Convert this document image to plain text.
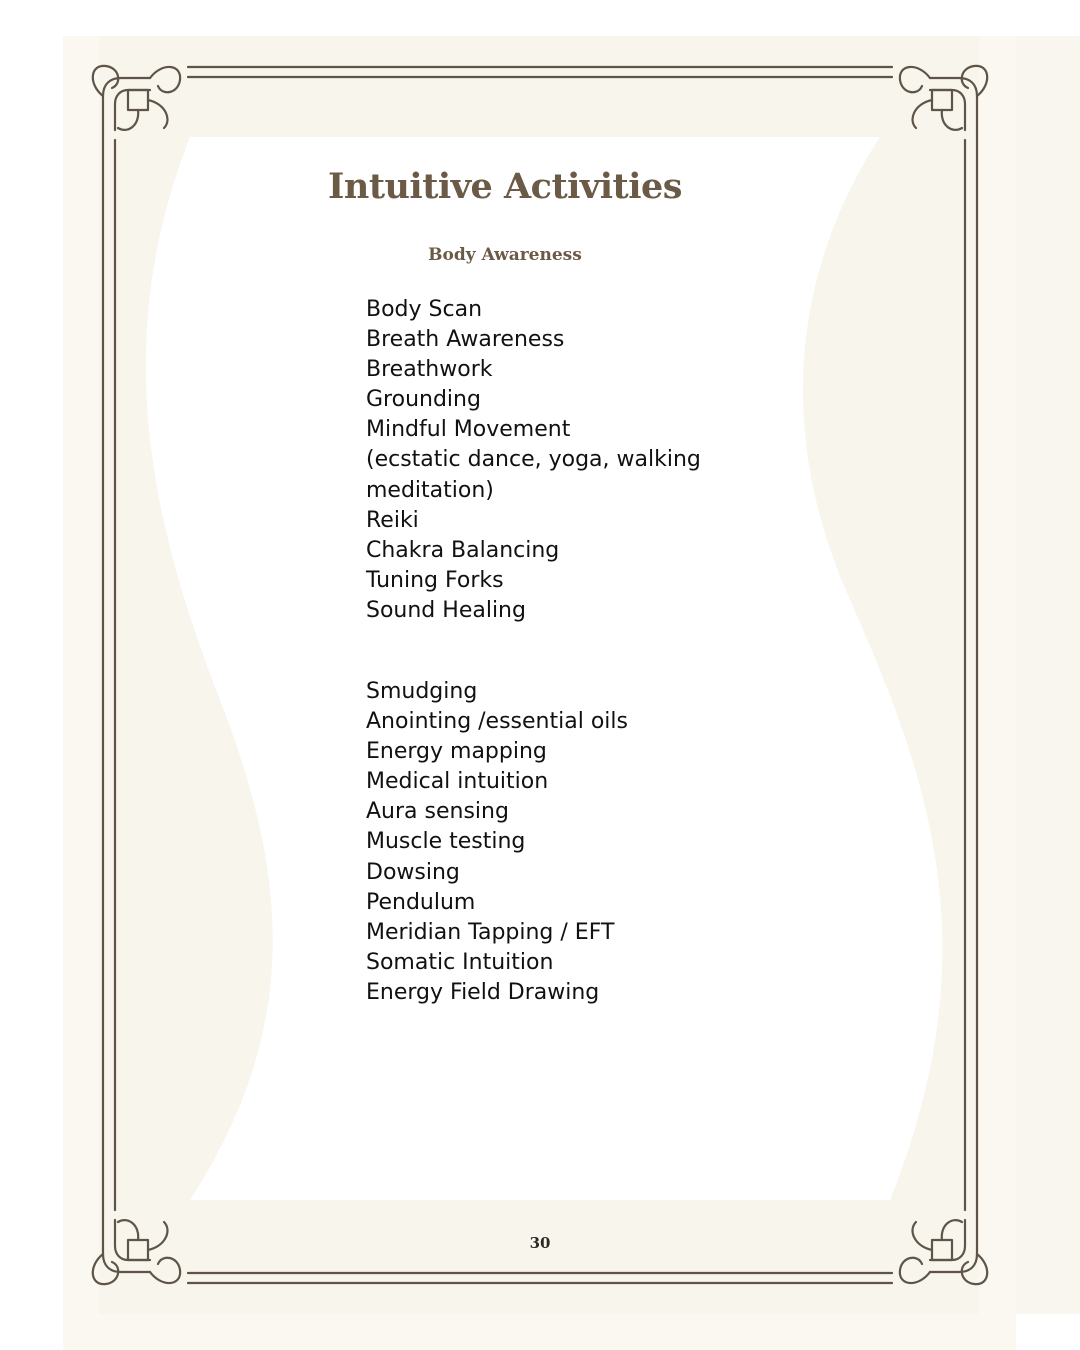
Intuitive Activities
Body Awareness
Body Scan
Breath Awareness
Breathwork
Grounding
Mindful Movement
(ecstatic dance, yoga, walking
meditation)
Reiki
Chakra Balancing
Tuning Forks
Sound Healing
Smudging
Anointing /essential oils
Energy mapping
Medical intuition
Aura sensing
Muscle testing
Dowsing
Pendulum
Meridian Tapping / EFT
Somatic Intuition
Energy Field Drawing
30
